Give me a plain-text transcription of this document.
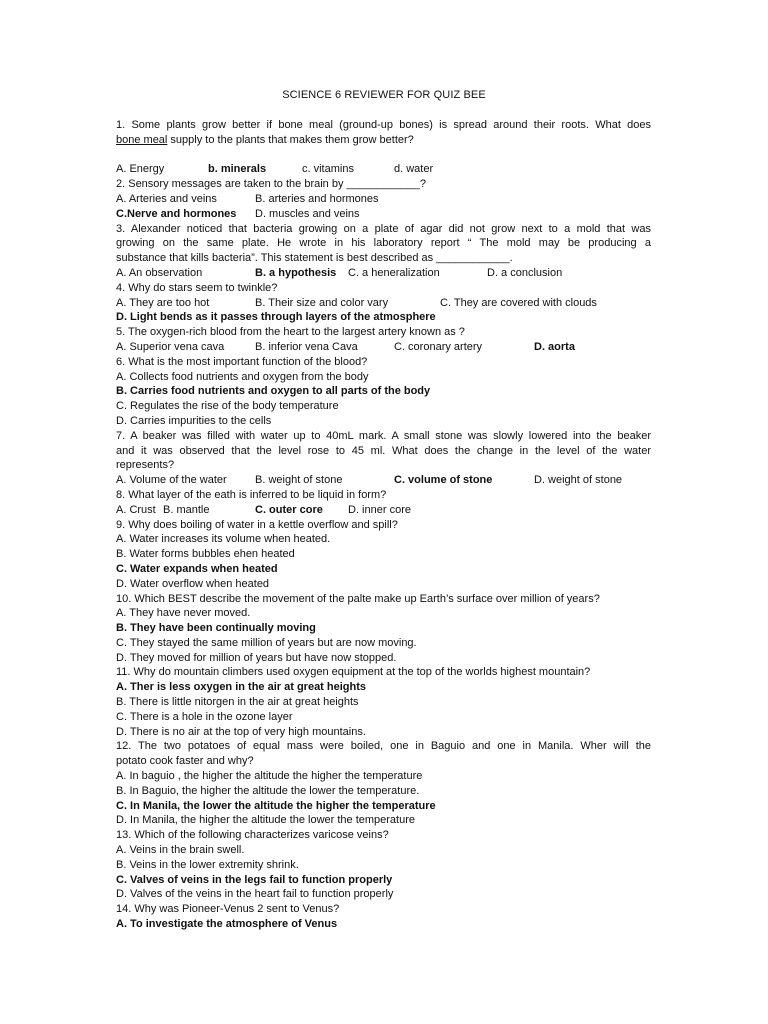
SCIENCE 6 REVIEWER FOR QUIZ BEE
1. Some plants grow better if bone meal (ground-up bones) is spread around their roots. What does
bone meal supply to the plants that makes them grow better?
A. Energy	b. minerals	c. vitamins	d. water
2. Sensory messages are taken to the brain by ____________?
A. Arteries and veins	B. arteries and hormones
C.Nerve and hormones D. muscles and veins
3. Alexander noticed that bacteria growing on a plate of agar did not grow next to a mold that was
growing on the same plate. He wrote in his laboratory report “ The mold may be producing a
substance that kills bacteria”. This statement is best described as ____________.
A. An observation	B. a hypothesis C. a heneralization	D. a conclusion
4. Why do stars seem to twinkle?
A. They are too hot	B. Their size and color vary	C. They are covered with clouds
D. Light bends as it passes through layers of the atmosphere
5. The oxygen-rich blood from the heart to the largest artery known as ?
A. Superior vena cava	B. inferior vena Cava	C. coronary artery	D. aorta
6. What is the most important function of the blood?
A. Collects food nutrients and oxygen from the body
B. Carries food nutrients and oxygen to all parts of the body
C. Regulates the rise of the body temperature
D. Carries impurities to the cells
7. A beaker was filled with water up to 40mL mark. A small stone was slowly lowered into the beaker
and it was observed that the level rose to 45 ml. What does the change in the level of the water
represents?
A. Volume of the water	B. weight of stone	C. volume of stone	D. weight of stone
8. What layer of the eath is inferred to be liquid in form?
A. Crust B. mantle	C. outer core D. inner core
9. Why does boiling of water in a kettle overflow and spill?
A. Water increases its volume when heated.
B. Water forms bubbles ehen heated
C. Water expands when heated
D. Water overflow when heated
10. Which BEST describe the movement of the palte make up Earth’s surface over million of years?
A. They have never moved.
B. They have been continually moving
C. They stayed the same million of years but are now moving.
D. They moved for million of years but have now stopped.
11. Why do mountain climbers used oxygen equipment at the top of the worlds highest mountain?
A. Ther is less oxygen in the air at great heights
B. There is little nitorgen in the air at great heights
C. There is a hole in the ozone layer
D. There is no air at the top of very high mountains.
12. The two potatoes of equal mass were boiled, one in Baguio and one in Manila. Wher will the
potato cook faster and why?
A. In baguio , the higher the altitude the higher the temperature
B. In Baguio, the higher the altitude the lower the temperature.
C. In Manila, the lower the altitude the higher the temperature
D. In Manila, the higher the altitude the lower the temperature
13. Which of the following characterizes varicose veins?
A. Veins in the brain swell.
B. Veins in the lower extremity shrink.
C. Valves of veins in the legs fail to function properly
D. Valves of the veins in the heart fail to function properly
14. Why was Pioneer-Venus 2 sent to Venus?
A. To investigate the atmosphere of Venus
